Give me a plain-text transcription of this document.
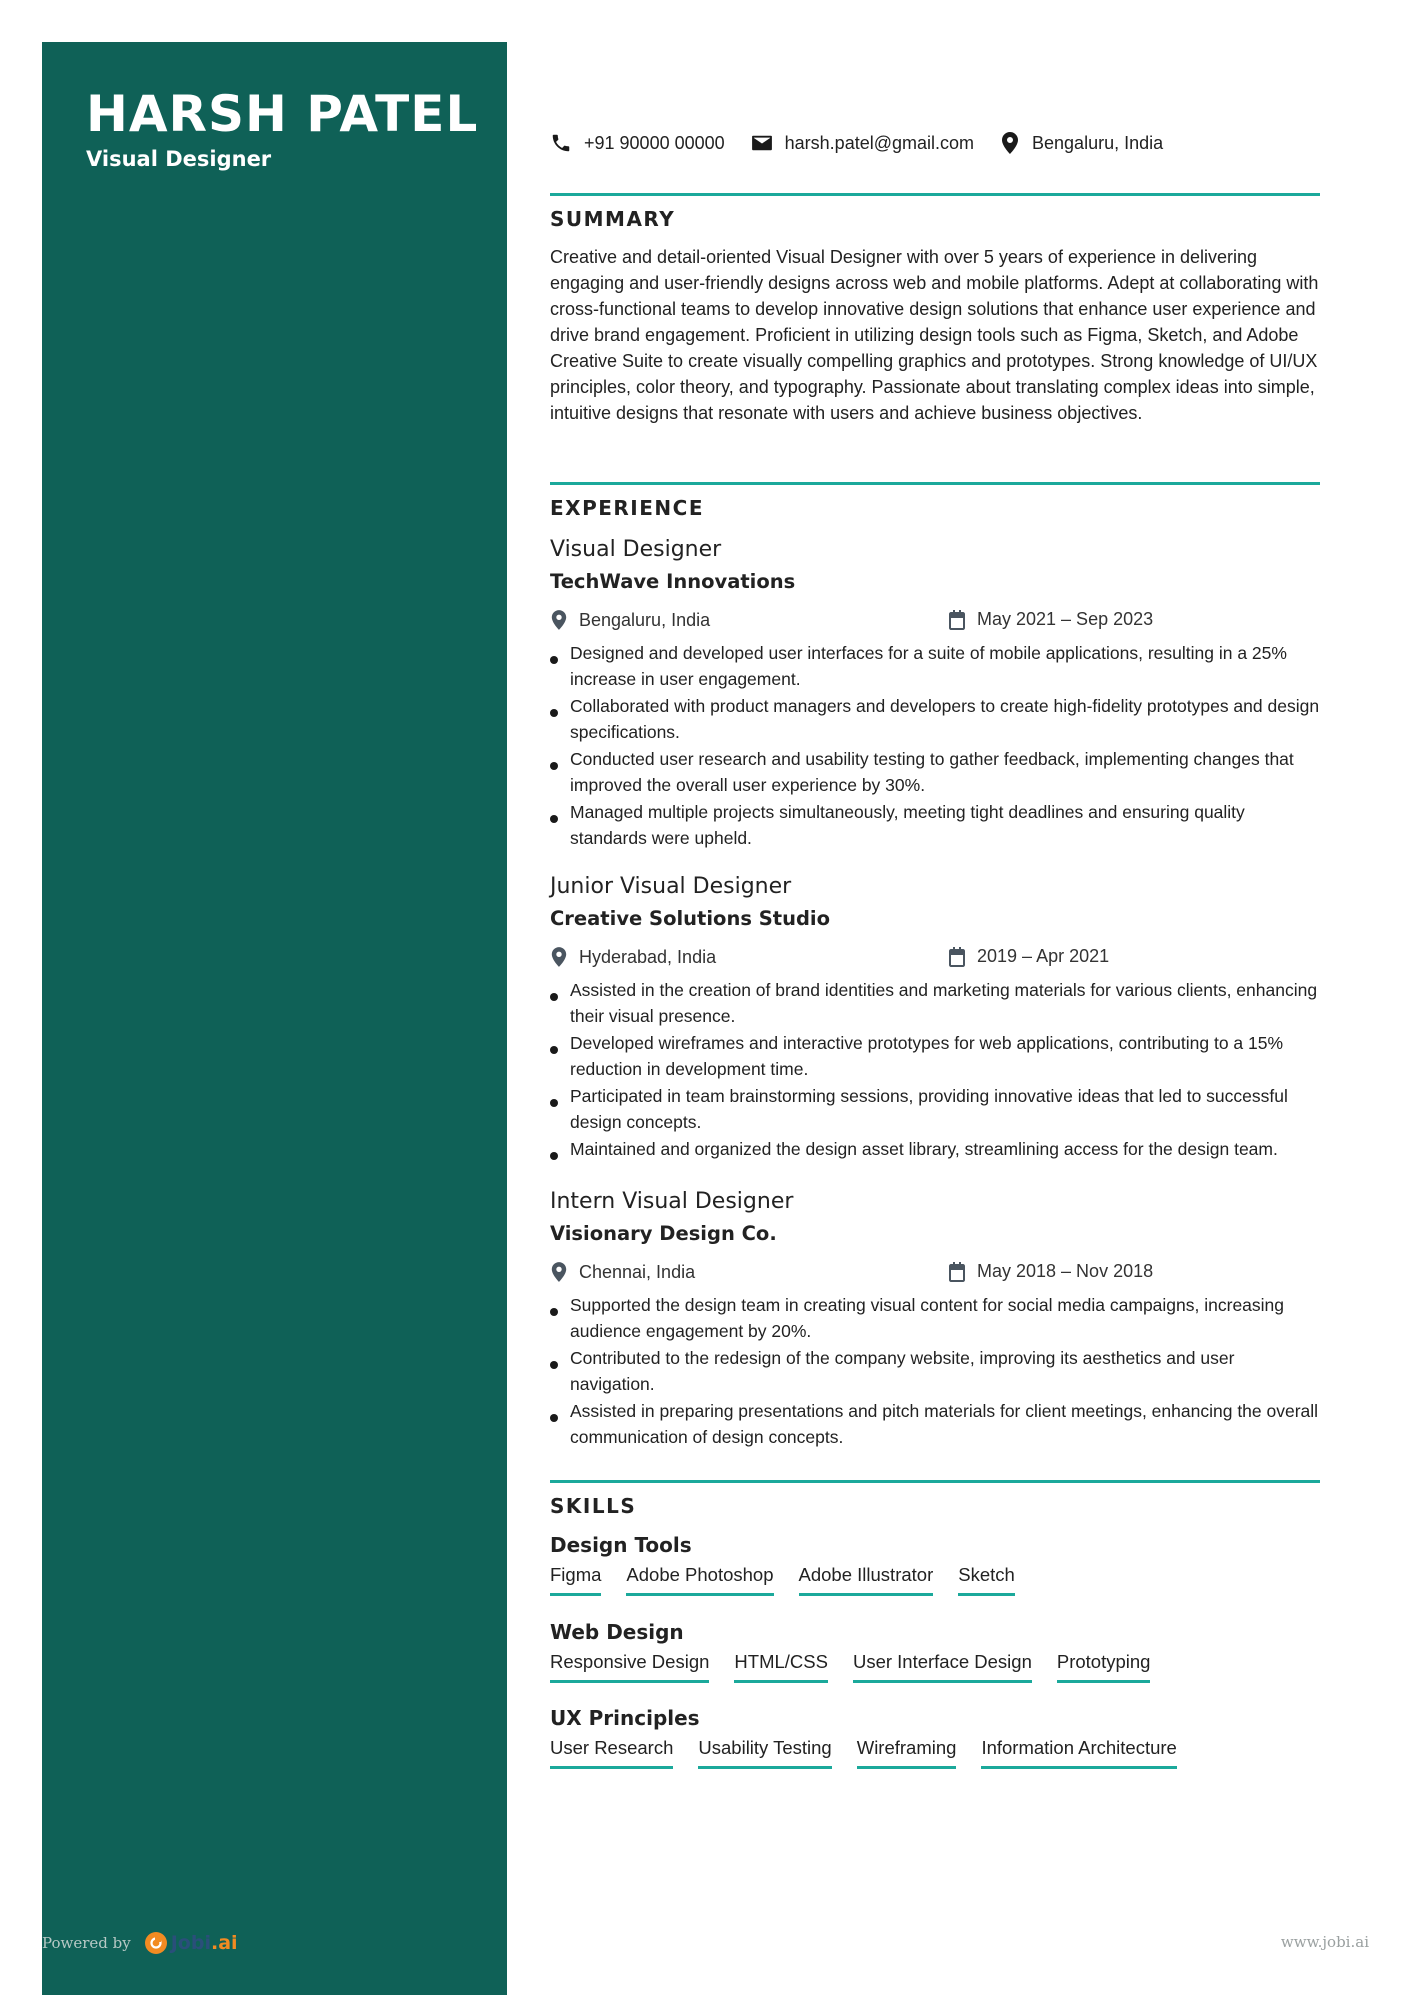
HARSH PATEL
Visual Designer
+91 90000 00000	harsh.patel@gmail.com	Bengaluru, India
SUMMARY

Creative and detail-oriented Visual Designer with over 5 years of experience in delivering engaging and user-friendly designs across web and mobile platforms. Adept at collaborating with cross-functional teams to develop innovative design solutions that enhance user experience and drive brand engagement. Proficient in utilizing design tools such as Figma, Sketch, and Adobe Creative Suite to create visually compelling graphics and prototypes. Strong knowledge of UI/UX principles, color theory, and typography. Passionate about translating complex ideas into simple, intuitive designs that resonate with users and achieve business objectives.

EXPERIENCE
Visual Designer
TechWave Innovations
Bengaluru, India	May 2021 – Sep 2023
Designed and developed user interfaces for a suite of mobile applications, resulting in a 25% increase in user engagement.
Collaborated with product managers and developers to create high-fidelity prototypes and design specifications.
Conducted user research and usability testing to gather feedback, implementing changes that improved the overall user experience by 30%.
Managed multiple projects simultaneously, meeting tight deadlines and ensuring quality standards were upheld.
Junior Visual Designer
Creative Solutions Studio
Hyderabad, India	2019 – Apr 2021
Assisted in the creation of brand identities and marketing materials for various clients, enhancing their visual presence.
Developed wireframes and interactive prototypes for web applications, contributing to a 15% reduction in development time.
Participated in team brainstorming sessions, providing innovative ideas that led to successful design concepts.
Maintained and organized the design asset library, streamlining access for the design team.
Intern Visual Designer
Visionary Design Co.
Chennai, India	May 2018 – Nov 2018
Supported the design team in creating visual content for social media campaigns, increasing audience engagement by 20%.
Contributed to the redesign of the company website, improving its aesthetics and user navigation.
Assisted in preparing presentations and pitch materials for client meetings, enhancing the overall communication of design concepts.
SKILLS
Design Tools
Figma Adobe Photoshop Adobe Illustrator Sketch
Web Design
Responsive Design HTML/CSS User Interface Design Prototyping
UX Principles
User Research Usability Testing Wireframing Information Architecture
Powered by Jobi.ai	www.jobi.ai
